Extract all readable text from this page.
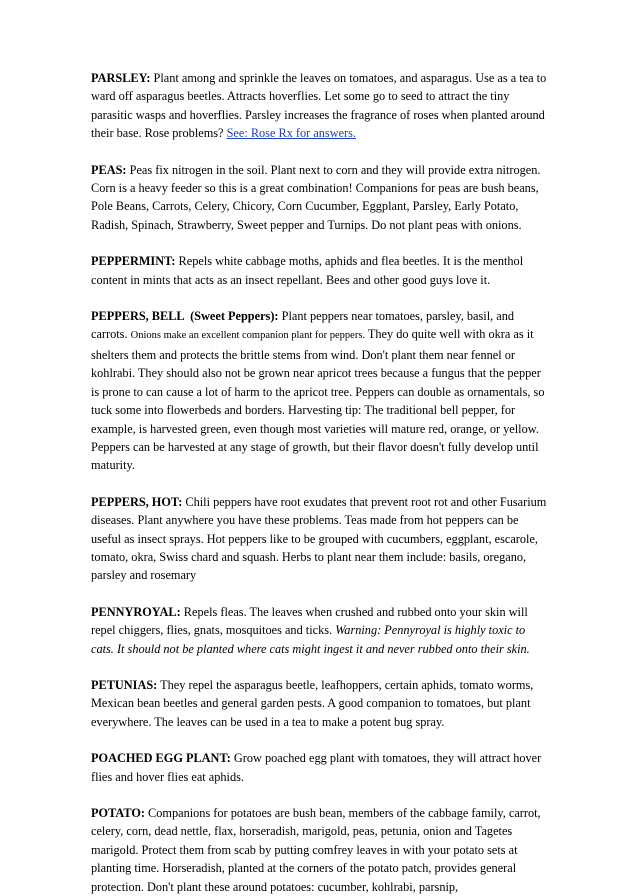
PARSLEY: Plant among and sprinkle the leaves on tomatoes, and asparagus. Use as a tea to ward off asparagus beetles. Attracts hoverflies. Let some go to seed to attract the tiny parasitic wasps and hoverflies. Parsley increases the fragrance of roses when planted around their base. Rose problems? See: Rose Rx for answers.

PEAS: Peas fix nitrogen in the soil. Plant next to corn and they will provide extra nitrogen. Corn is a heavy feeder so this is a great combination! Companions for peas are bush beans, Pole Beans, Carrots, Celery, Chicory, Corn Cucumber, Eggplant, Parsley, Early Potato, Radish, Spinach, Strawberry, Sweet pepper and Turnips. Do not plant peas with onions.

PEPPERMINT: Repels white cabbage moths, aphids and flea beetles. It is the menthol content in mints that acts as an insect repellant. Bees and other good guys love it.

PEPPERS, BELL  (Sweet Peppers): Plant peppers near tomatoes, parsley, basil, and carrots. Onions make an excellent companion plant for peppers. They do quite well with okra as it shelters them and protects the brittle stems from wind. Don't plant them near fennel or kohlrabi. They should also not be grown near apricot trees because a fungus that the pepper is prone to can cause a lot of harm to the apricot tree. Peppers can double as ornamentals, so tuck some into flowerbeds and borders. Harvesting tip: The traditional bell pepper, for example, is harvested green, even though most varieties will mature red, orange, or yellow. Peppers can be harvested at any stage of growth, but their flavor doesn't fully develop until maturity.

PEPPERS, HOT: Chili peppers have root exudates that prevent root rot and other Fusarium diseases. Plant anywhere you have these problems. Teas made from hot peppers can be useful as insect sprays. Hot peppers like to be grouped with cucumbers, eggplant, escarole, tomato, okra, Swiss chard and squash. Herbs to plant near them include: basils, oregano, parsley and rosemary

PENNYROYAL: Repels fleas. The leaves when crushed and rubbed onto your skin will repel chiggers, flies, gnats, mosquitoes and ticks. Warning: Pennyroyal is highly toxic to cats. It should not be planted where cats might ingest it and never rubbed onto their skin.

PETUNIAS: They repel the asparagus beetle, leafhoppers, certain aphids, tomato worms, Mexican bean beetles and general garden pests. A good companion to tomatoes, but plant everywhere. The leaves can be used in a tea to make a potent bug spray.

POACHED EGG PLANT: Grow poached egg plant with tomatoes, they will attract hover flies and hover flies eat aphids.

POTATO: Companions for potatoes are bush bean, members of the cabbage family, carrot, celery, corn, dead nettle, flax, horseradish, marigold, peas, petunia, onion and Tagetes marigold. Protect them from scab by putting comfrey leaves in with your potato sets at planting time. Horseradish, planted at the corners of the potato patch, provides general protection. Don't plant these around potatoes: cucumber, kohlrabi, parsnip,
